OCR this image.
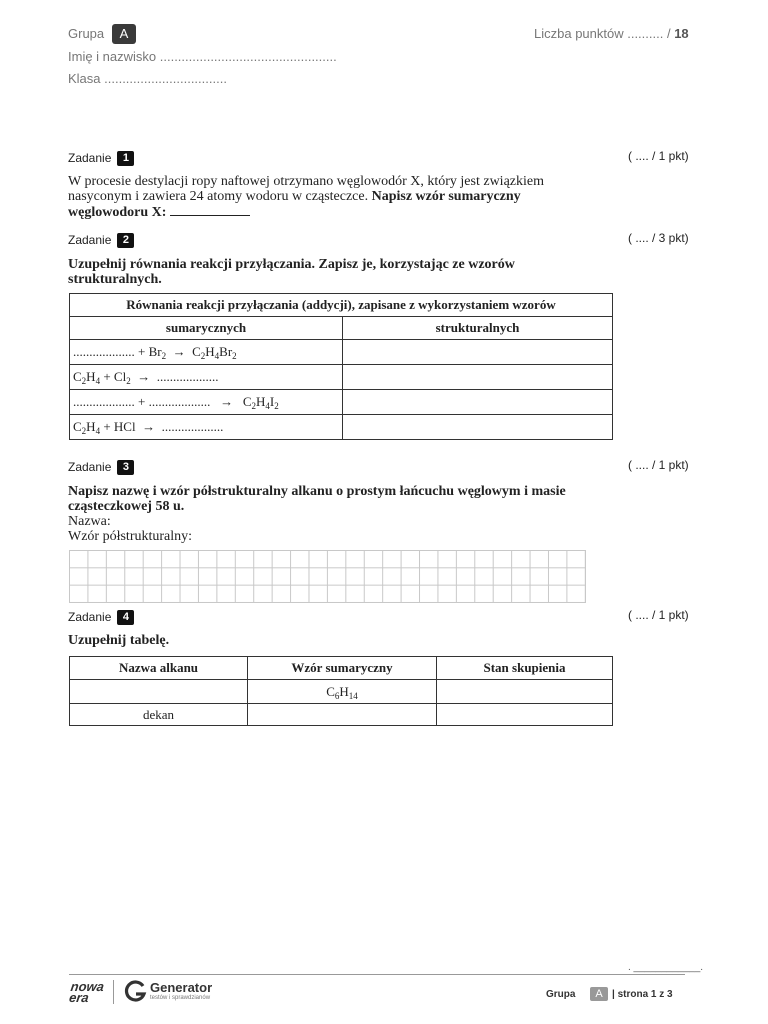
Grupa	A
Imię i nazwisko .................................................
Klasa ..................................
Liczba punktów .......... / 18
Zadanie 1	( .... / 1 pkt)
W procesie destylacji ropy naftowej otrzymano węglowodór X, który jest związkiem
nasyconym i zawiera 24 atomy wodoru w cząsteczce. Napisz wzór sumaryczny
węglowodoru X:
Zadanie 2	( .... / 3 pkt)
Uzupełnij równania reakcji przyłączania. Zapisz je, korzystając ze wzorów
strukturalnych.
Równania reakcji przyłączania (addycji), zapisane z wykorzystaniem wzorów	
sumarycznych	strukturalnych
................... + $Br_2 \to C_2H_4Br_2$	
$C_2H_4 + Cl_2$ → ...................	
................... + ................... → $C_2H_4I_2$	
$C_2H_4$ + HCl → ...................	
Zadanie 3	( .... / 1 pkt)
Napisz nazwę i wzór półstrukturalny alkanu o prostym łańcuchu węglowym i masie
cząsteczkowej 58 u.
Nazwa:
Wzór półstrukturalny:
Zadanie 4	( .... / 1 pkt)
Uzupełnij tabelę.
Nazwa alkanu	Wzór sumaryczny	Stan skupienia
	$C_6H_{14}$	
dekan		
. ____________.
nowa
era
Generator
testów i sprawdzianów	Grupa	A | strona 1 z 3
